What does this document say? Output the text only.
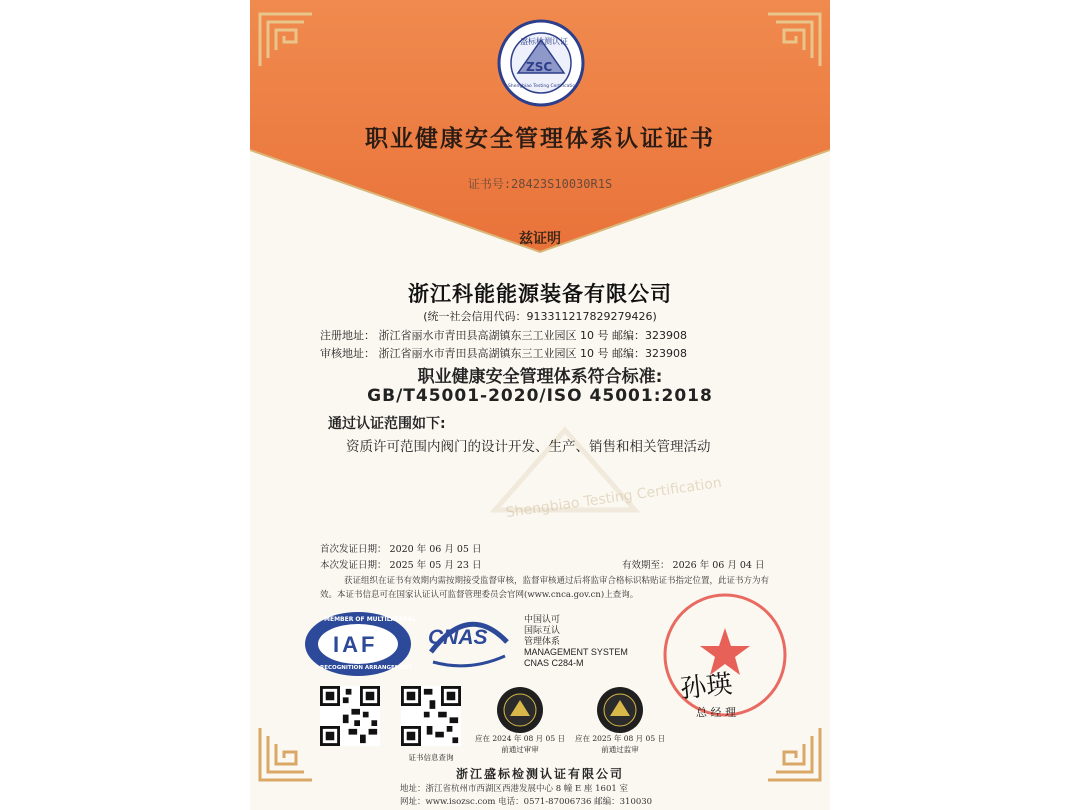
盛标检测认证
ZSC
Shengbiao Testing Certification
职业健康安全管理体系认证证书
证书号:28423S10030R1S
兹证明
Shengbiao Testing Certification
浙江科能能源装备有限公司
(统一社会信用代码：91331121782927942​6)
注册地址： 浙江省丽水市青田县高湖镇东三工业园区 10 号 邮编：323908
审核地址： 浙江省丽水市青田县高湖镇东三工业园区 10 号 邮编：323908
职业健康安全管理体系符合标准:
GB/T45001-2020/ISO 45001:2018
通过认证范围如下:
资质许可范围内阀门的设计开发、生产、销售和相关管理活动
首次发证日期： 2020 年 06 月 05 日
本次发证日期： 2025 年 05 月 23 日	有效期至： 2026 年 06 月 04 日
获证组织在证书有效期内需按期接受监督审核，监督审核通过后将监审合格标识粘贴证书指定位置，此证书方为有效。本证书信息可在国家认证认可监督管理委员会官网(www.cnca.gov.cn)上查询。
MEMBER OF MULTILATERAL
IAF
RECOGNITION ARRANGEMENT
CNAS
中国认可
国际互认
管理体系
MANAGEMENT SYSTEM
CNAS C284-M
孙瑛
总 经 理
证书信息查询
应在 2024 年 08 月 05 日
前通过审审
应在 2025 年 08 月 05 日
前通过监审
浙江盛标检测认证有限公司
地址：浙江省杭州市西湖区西港发展中心 8 幢 E 座 1601 室
网址：www.isozsc.com 电话：0571-87006736 邮编：310030
